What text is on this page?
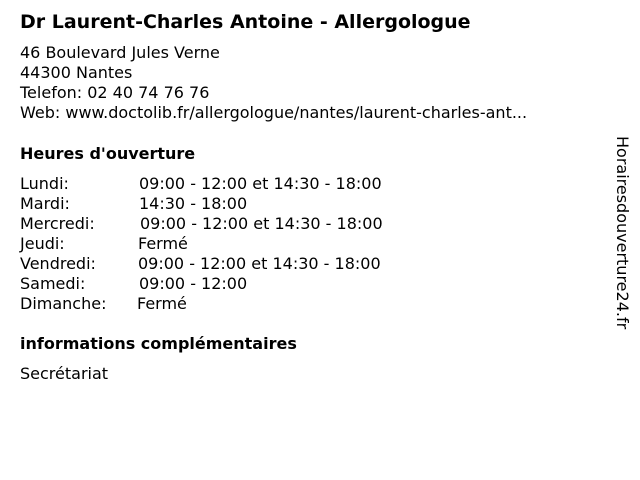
Dr Laurent-Charles Antoine - Allergologue
46 Boulevard Jules Verne
44300 Nantes
Telefon: 02 40 74 76 76
Web: www.doctolib.fr/allergologue/nantes/laurent-charles-ant...
Heures d'ouverture
Lundi:	09:00 - 12:00 et 14:30 - 18:00
Mardi:	14:30 - 18:00
Mercredi:	09:00 - 12:00 et 14:30 - 18:00
Jeudi:	Fermé
Vendredi:	09:00 - 12:00 et 14:30 - 18:00
Samedi:	09:00 - 12:00
Dimanche: Fermé
informations complémentaires
Secrétariat
Horairesdouverture24.fr
